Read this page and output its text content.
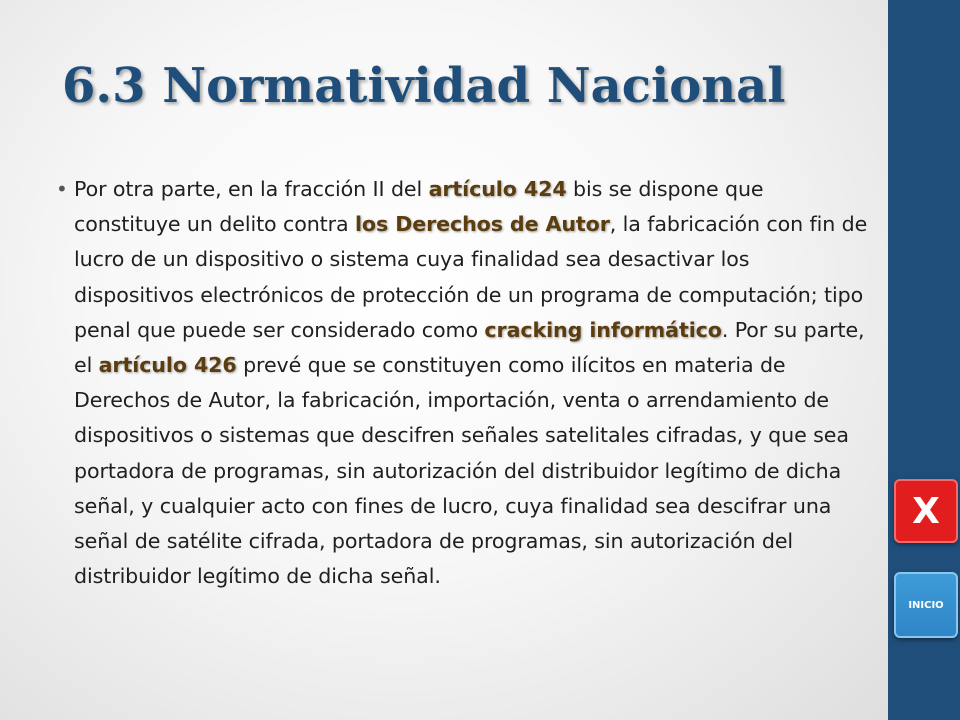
6.3 Normatividad Nacional
• Por otra parte, en la fracción II del artículo 424 bis se dispone que constituye un delito contra los Derechos de Autor, la fabricación con fin de lucro de un dispositivo o sistema cuya finalidad sea desactivar los dispositivos electrónicos de protección de un programa de computación; tipo penal que puede ser considerado como cracking informático. Por su parte, el artículo 426 prevé que se constituyen como ilícitos en materia de Derechos de Autor, la fabricación, importación, venta o arrendamiento de dispositivos o sistemas que descifren señales satelitales cifradas, y que sea portadora de programas, sin autorización del distribuidor legítimo de dicha señal, y cualquier acto con fines de lucro, cuya finalidad sea descifrar una señal de satélite cifrada, portadora de programas, sin autorización del distribuidor legítimo de dicha señal.

X
INICIO
